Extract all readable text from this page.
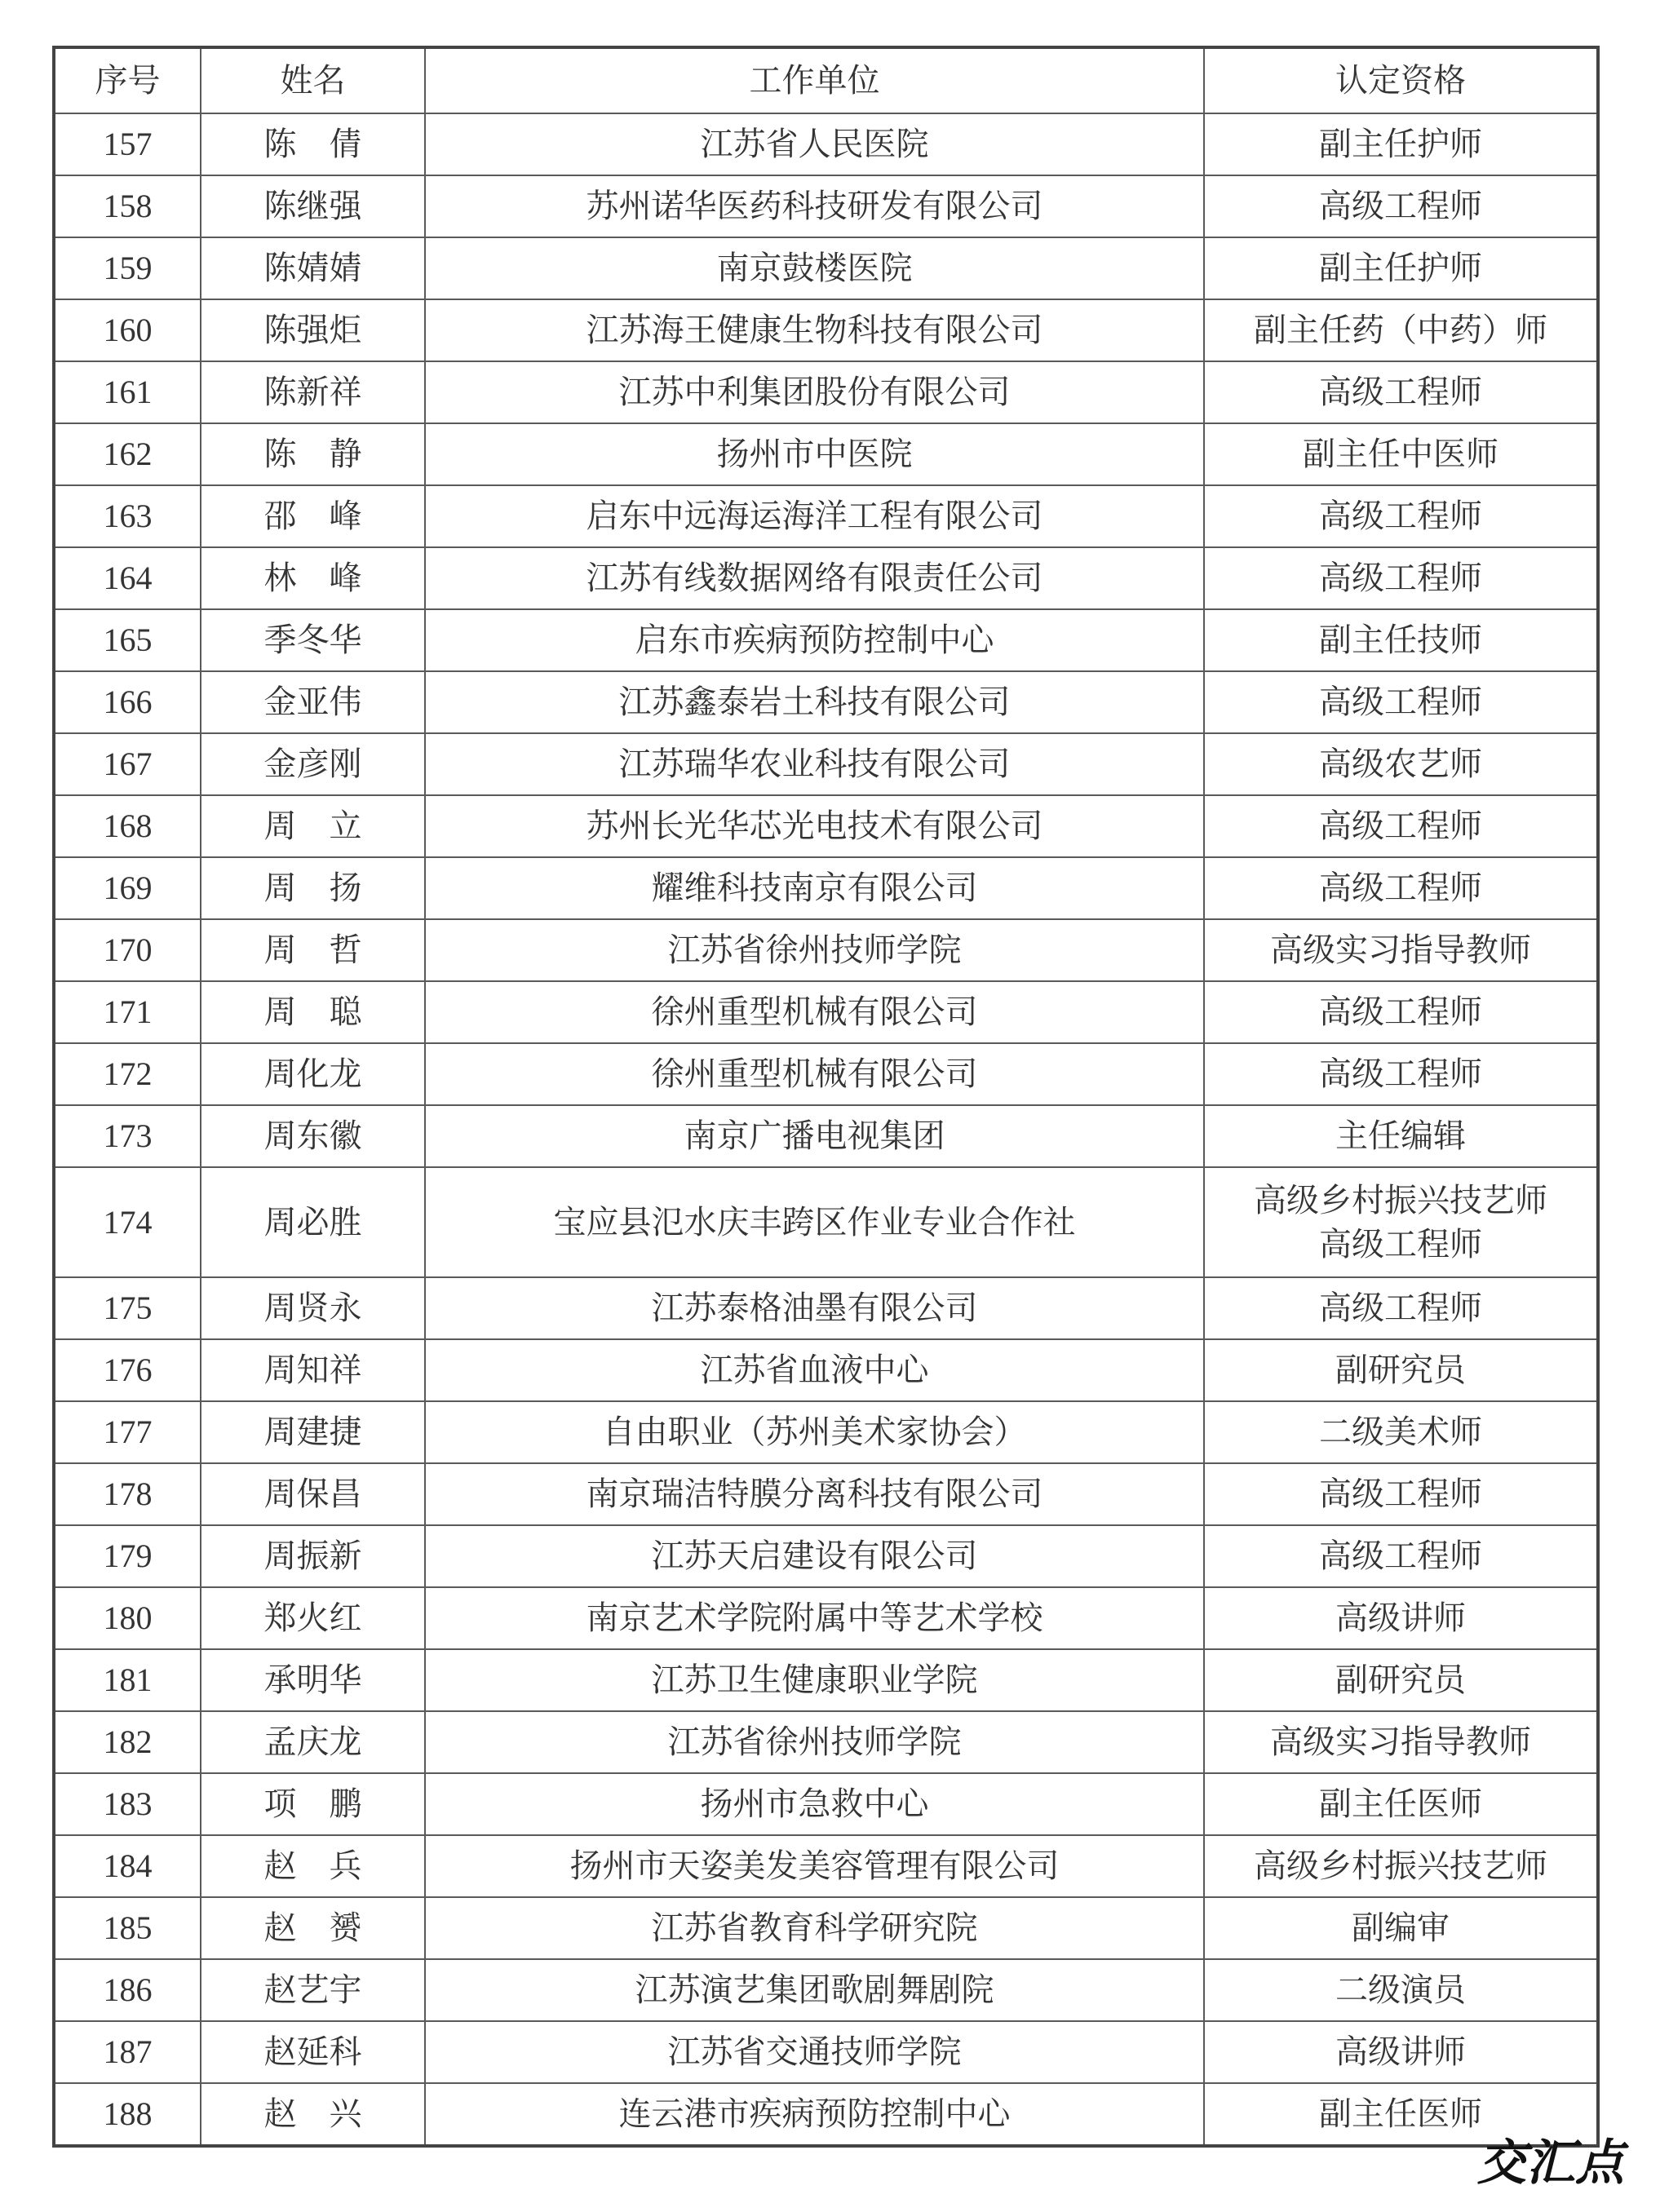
序号	姓名	工作单位	认定资格
157	陈　倩	江苏省人民医院	副主任护师

158	陈继强	苏州诺华医药科技研发有限公司	高级工程师

159	陈婧婧	南京鼓楼医院	副主任护师

160	陈强炬	江苏海王健康生物科技有限公司	副主任药（中药）师

161	陈新祥	江苏中利集团股份有限公司	高级工程师

162	陈　静	扬州市中医院	副主任中医师

163	邵　峰	启东中远海运海洋工程有限公司	高级工程师

164	林　峰	江苏有线数据网络有限责任公司	高级工程师

165	季冬华	启东市疾病预防控制中心	副主任技师

166	金亚伟	江苏鑫泰岩土科技有限公司	高级工程师

167	金彦刚	江苏瑞华农业科技有限公司	高级农艺师

168	周　立	苏州长光华芯光电技术有限公司	高级工程师

169	周　扬	耀维科技南京有限公司	高级工程师

170	周　哲	江苏省徐州技师学院	高级实习指导教师

171	周　聪	徐州重型机械有限公司	高级工程师

172	周化龙	徐州重型机械有限公司	高级工程师

173	周东徽	南京广播电视集团	主任编辑

174	周必胜	宝应县氾水庆丰跨区作业专业合作社	高级乡村振兴技艺师
高级工程师

175	周贤永	江苏泰格油墨有限公司	高级工程师

176	周知祥	江苏省血液中心	副研究员

177	周建捷	自由职业（苏州美术家协会）	二级美术师

178	周保昌	南京瑞洁特膜分离科技有限公司	高级工程师

179	周振新	江苏天启建设有限公司	高级工程师

180	郑火红	南京艺术学院附属中等艺术学校	高级讲师

181	承明华	江苏卫生健康职业学院	副研究员

182	孟庆龙	江苏省徐州技师学院	高级实习指导教师

183	项　鹏	扬州市急救中心	副主任医师

184	赵　兵	扬州市天姿美发美容管理有限公司	高级乡村振兴技艺师

185	赵　赟	江苏省教育科学研究院	副编审

186	赵艺宇	江苏演艺集团歌剧舞剧院	二级演员

187	赵延科	江苏省交通技师学院	高级讲师

188	赵　兴	连云港市疾病预防控制中心	副主任医师
交汇点
